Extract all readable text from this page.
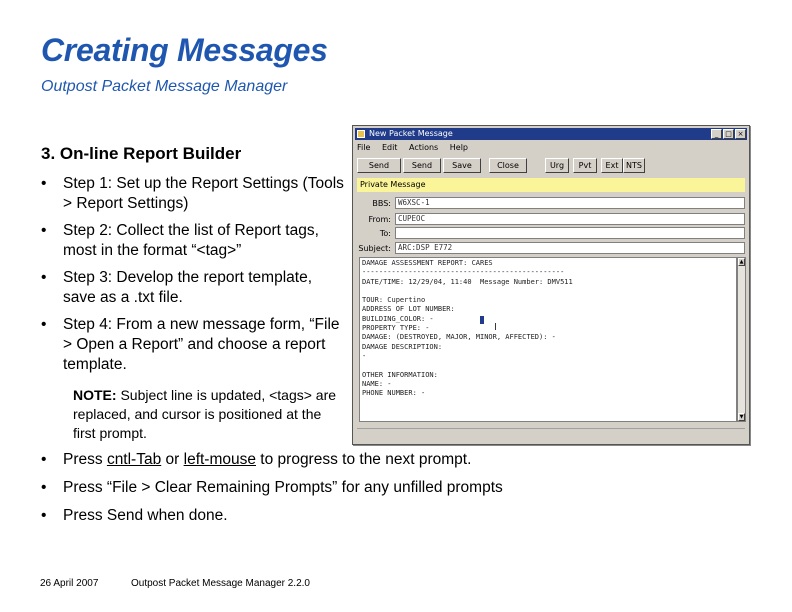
Creating Messages
Outpost Packet Message Manager
3. On-line Report Builder
• Step 1: Set up the Report Settings (Tools > Report Settings)
• Step 2: Collect the list of Report tags, most in the format “<tag>”
• Step 3: Develop the report template, save as a .txt file.
• Step 4: From a new message form, “File > Open a Report” and choose a report template.
NOTE: Subject line is updated, <tags> are replaced, and cursor is positioned at the first prompt.
• Press cntl-Tab or left-mouse to progress to the next prompt.
• Press “File > Clear Remaining Prompts” for any unfilled prompts
• Press Send when done.
26 April 2007	Outpost Packet Message Manager 2.2.0
New Packet Message	_ □ ×
File Edit Actions Help
Send	Send	Save	Close	Urg	Pvt	Ext NTS
Private Message
BBS: W6XSC-1
From: CUPEOC
To:
Subject: ARC:DSP E772
DAMAGE ASSESSMENT REPORT: CARES
------------------------------------------------
DATE/TIME: 12/29/04, 11:40  Message Number: DMV511

TOUR: Cupertino
ADDRESS OF LOT NUMBER:
BUILDING_COLOR: -
PROPERTY TYPE: -
DAMAGE: (DESTROYED, MAJOR, MINOR, AFFECTED): -
DAMAGE DESCRIPTION:
-

OTHER INFORMATION:
NAME: -
PHONE NUMBER: -
▲
▼
I
